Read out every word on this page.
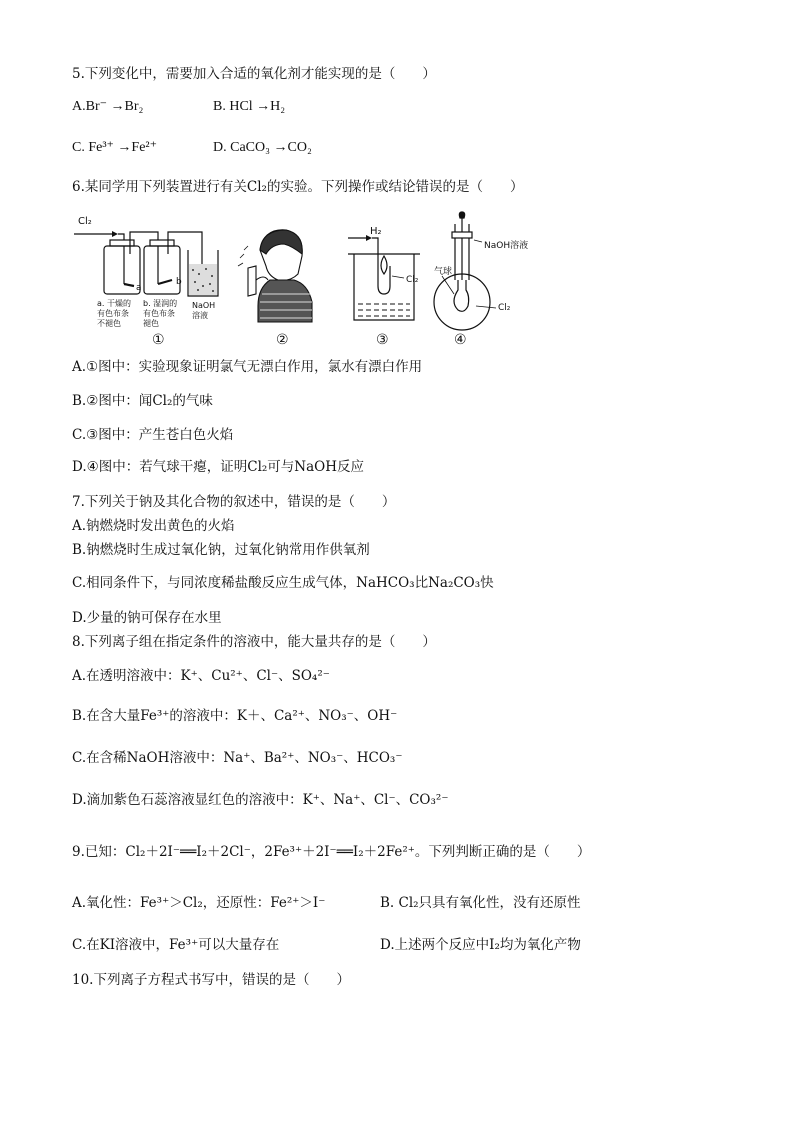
5.下列变化中，需要加入合适的氧化剂才能实现的是（　　）
A.Br⁻ →Br₂	B. HCl →H₂
C. Fe³⁺ →Fe²⁺	D. CaCO₃ →CO₂
6.某同学用下列装置进行有关Cl₂的实验。下列操作或结论错误的是（　　）
Cl₂
a
b
a. 干燥的
有色布条
不褪色
b. 湿润的
有色布条
褪色
NaOH
溶液
①	②
H₂
Cl₂
③
NaOH溶液
气球
Cl₂
④
A.①图中：实验现象证明氯气无漂白作用，氯水有漂白作用
B.②图中：闻Cl₂的气味
C.③图中：产生苍白色火焰
D.④图中：若气球干瘪，证明Cl₂可与NaOH反应
7.下列关于钠及其化合物的叙述中，错误的是（　　）
A.钠燃烧时发出黄色的火焰
B.钠燃烧时生成过氧化钠，过氧化钠常用作供氧剂
C.相同条件下，与同浓度稀盐酸反应生成气体，NaHCO₃比Na₂CO₃快
D.少量的钠可保存在水里
8.下列离子组在指定条件的溶液中，能大量共存的是（　　）
A.在透明溶液中：K⁺、Cu²⁺、Cl⁻、SO₄²⁻
B.在含大量Fe³⁺的溶液中：K＋、Ca²⁺、NO₃⁻、OH⁻
C.在含稀NaOH溶液中：Na⁺、Ba²⁺、NO₃⁻、HCO₃⁻
D.滴加紫色石蕊溶液显红色的溶液中：K⁺、Na⁺、Cl⁻、CO₃²⁻
9.已知：Cl₂＋2I⁻══I₂＋2Cl⁻，2Fe³⁺＋2I⁻══I₂＋2Fe²⁺。下列判断正确的是（　　）
A.氧化性：Fe³⁺＞Cl₂，还原性：Fe²⁺＞I⁻	B. Cl₂只具有氧化性，没有还原性
C.在KI溶液中，Fe³⁺可以大量存在	D.上述两个反应中I₂均为氧化产物
10.下列离子方程式书写中，错误的是（　　）
